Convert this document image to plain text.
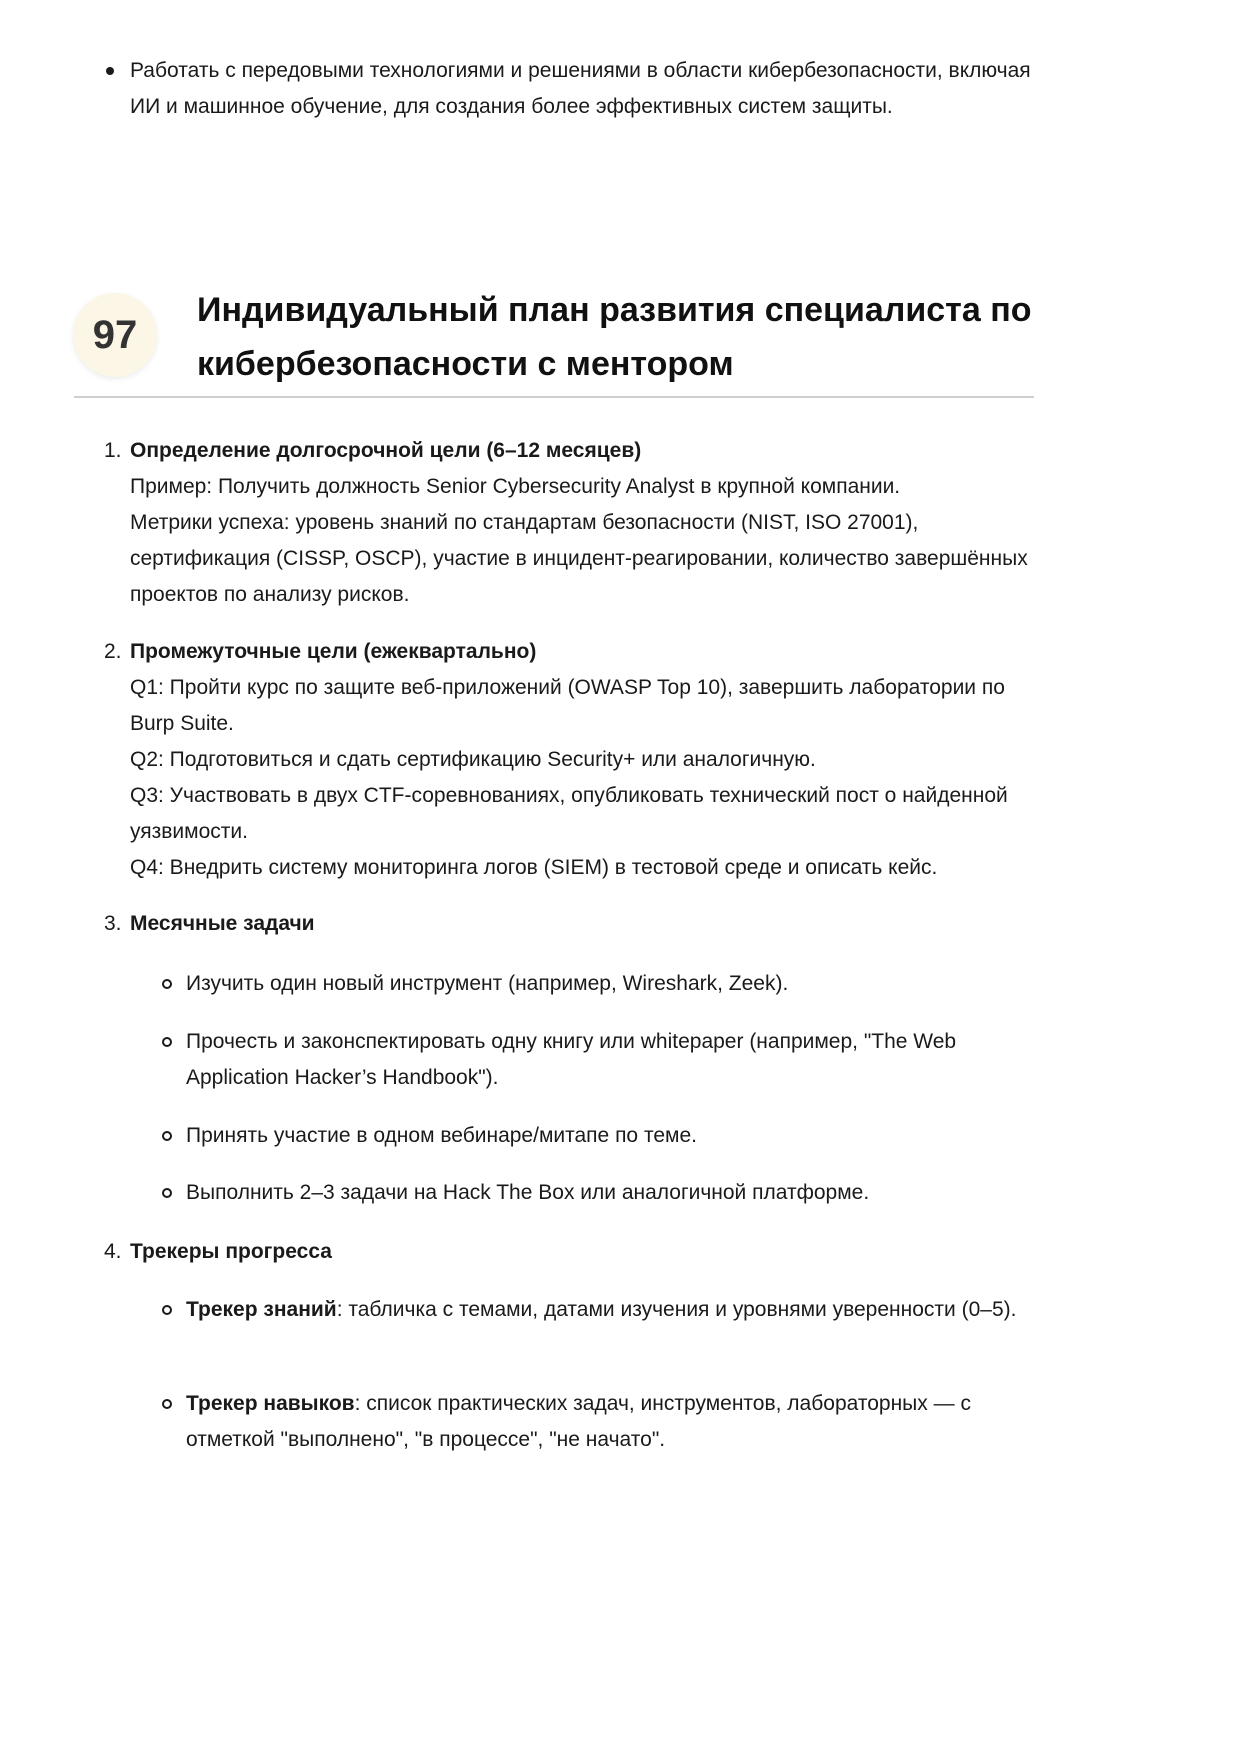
Работать с передовыми технологиями и решениями в области кибербезопасности, включая ИИ и машинное обучение, для создания более эффективных систем защиты.
97
Индивидуальный план развития специалиста по кибербезопасности с ментором
1. Определение долгосрочной цели (6–12 месяцев)
Пример: Получить должность Senior Cybersecurity Analyst в крупной компании.
Метрики успеха: уровень знаний по стандартам безопасности (NIST, ISO 27001), сертификация (CISSP, OSCP), участие в инцидент-реагировании, количество завершённых проектов по анализу рисков.
2. Промежуточные цели (ежеквартально)
Q1: Пройти курс по защите веб-приложений (OWASP Top 10), завершить лаборатории по Burp Suite.
Q2: Подготовиться и сдать сертификацию Security+ или аналогичную.
Q3: Участвовать в двух CTF-соревнованиях, опубликовать технический пост о найденной уязвимости.
Q4: Внедрить систему мониторинга логов (SIEM) в тестовой среде и описать кейс.
3. Месячные задачи
Изучить один новый инструмент (например, Wireshark, Zeek).
Прочесть и законспектировать одну книгу или whitepaper (например, "The Web Application Hacker’s Handbook").
Принять участие в одном вебинаре/митапе по теме.
Выполнить 2–3 задачи на Hack The Box или аналогичной платформе.
4. Трекеры прогресса
Трекер знаний: табличка с темами, датами изучения и уровнями уверенности (0–5).
Трекер навыков: список практических задач, инструментов, лабораторных — с отметкой "выполнено", "в процессе", "не начато".
